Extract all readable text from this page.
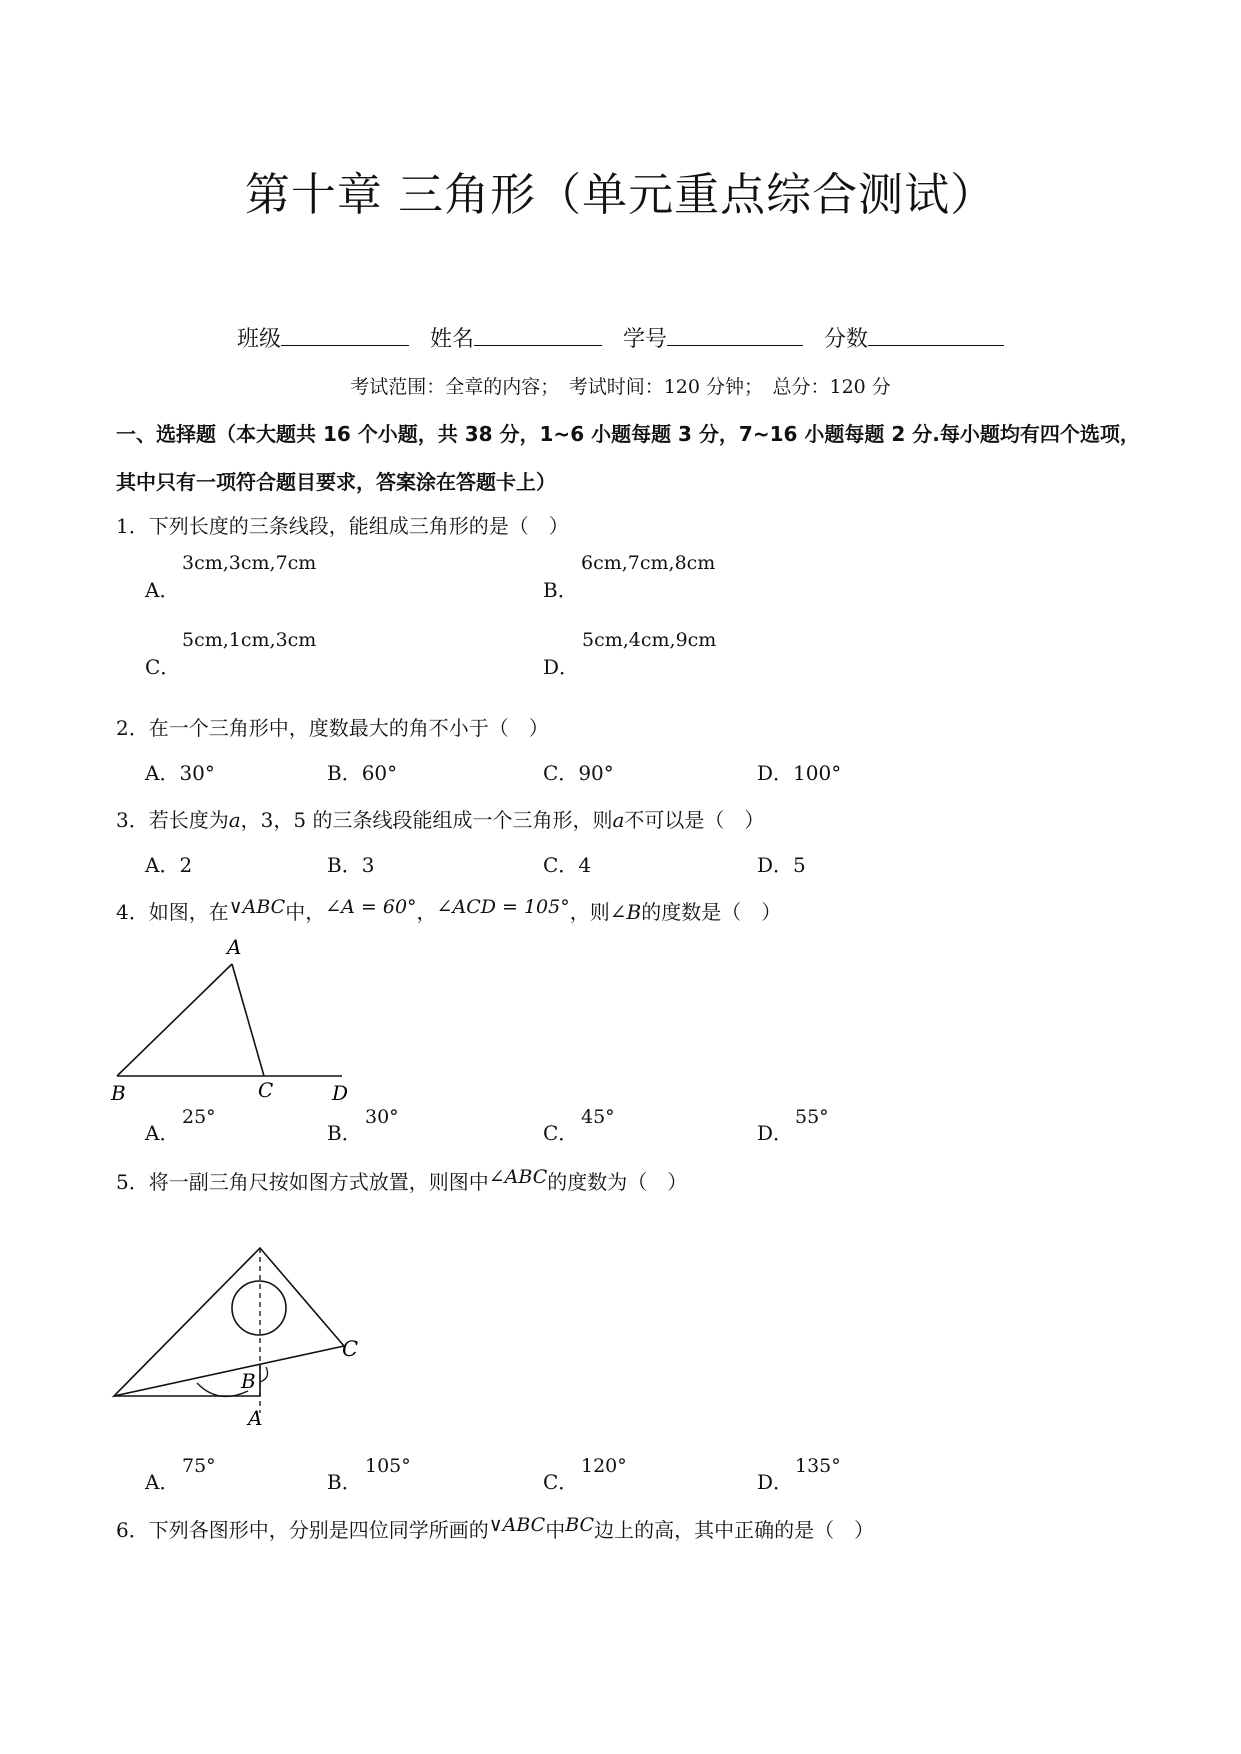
第十章 三角形（单元重点综合测试）
班级	姓名	学号	分数
考试范围：全章的内容；　考试时间：120 分钟；　总分：120 分
一、选择题（本大题共 16 个小题，共 38 分，1~6 小题每题 3 分，7~16 小题每题 2 分.每小题均有四个选项，
其中只有一项符合题目要求，答案涂在答题卡上）
1．下列长度的三条线段，能组成三角形的是（　）
A．
3cm,3cm,7cm
B．
6cm,7cm,8cm
C．
5cm,1cm,3cm
D．
5cm,4cm,9cm
2．在一个三角形中，度数最大的角不小于（　）
A．30°	B．60°	C．90°	D．100°
3．若长度为a，3，5 的三条线段能组成一个三角形，则a不可以是（　）
A．2	B．3	C．4	D．5
4．如图，在∨ABC中，∠A = 60°，∠ACD = 105°，则∠B的度数是（　）
A
B	C	D
A．
25°
B．
30°
C．
45°
D．
55°
5．将一副三角尺按如图方式放置，则图中∠ABC的度数为（　）
C
B
A
A．
75°
B．
105°
C．
120°
D．
135°
6．下列各图形中，分别是四位同学所画的∨ABC中BC边上的高，其中正确的是（　）
